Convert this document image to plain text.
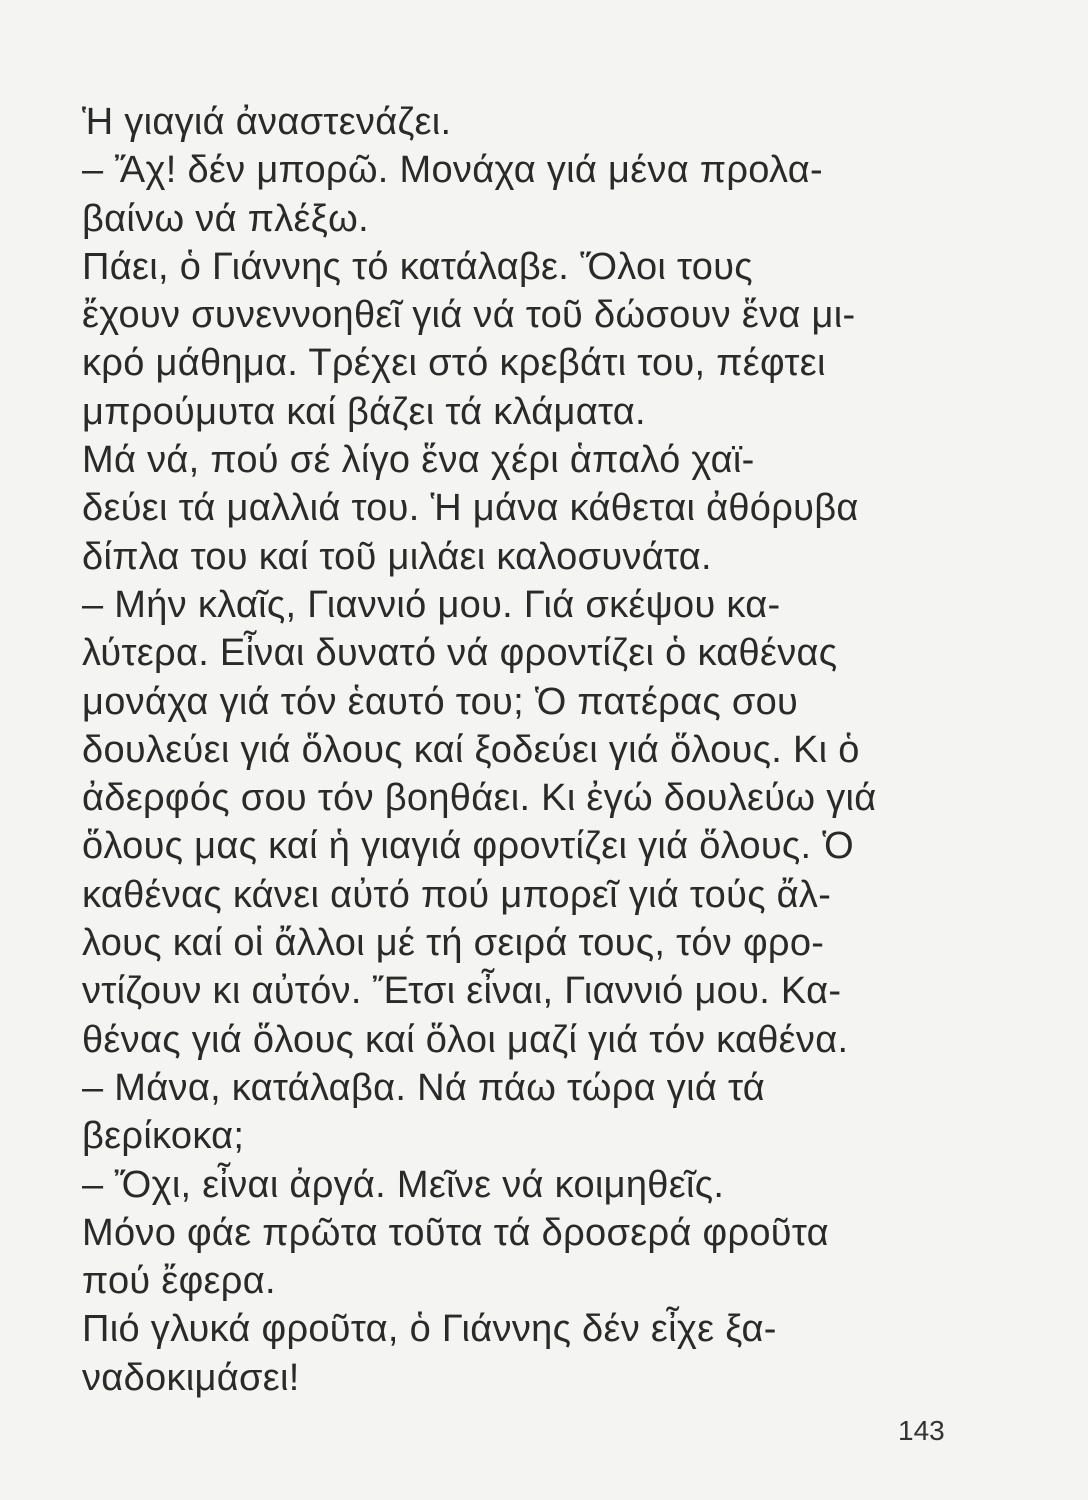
Ἡ γιαγιά ἀναστενάζει.
– Ἄχ! δέν μπορῶ. Μονάχα γιά μένα προλα-
βαίνω νά πλέξω.
Πάει, ὁ Γιάννης τό κατάλαβε. Ὅλοι τους
ἔχουν συνεννοηθεῖ γιά νά τοῦ δώσουν ἕνα μι-
κρό μάθημα. Τρέχει στό κρεβάτι του, πέφτει
μπρούμυτα καί βάζει τά κλάματα.
Μά νά, πού σέ λίγο ἕνα χέρι ἁπαλό χαϊ-
δεύει τά μαλλιά του. Ἡ μάνα κάθεται ἀθόρυβα
δίπλα του καί τοῦ μιλάει καλοσυνάτα.
– Μήν κλαῖς, Γιαννιό μου. Γιά σκέψου κα-
λύτερα. Εἶναι δυνατό νά φροντίζει ὁ καθένας
μονάχα γιά τόν ἑαυτό του; Ὁ πατέρας σου
δουλεύει γιά ὅλους καί ξοδεύει γιά ὅλους. Κι ὁ
ἀδερφός σου τόν βοηθάει. Κι ἐγώ δουλεύω γιά
ὅλους μας καί ἡ γιαγιά φροντίζει γιά ὅλους. Ὁ
καθένας κάνει αὐτό πού μπορεῖ γιά τούς ἄλ-
λους καί οἱ ἄλλοι μέ τή σειρά τους, τόν φρο-
ντίζουν κι αὐτόν. Ἔτσι εἶναι, Γιαννιό μου. Κα-
θένας γιά ὅλους καί ὅλοι μαζί γιά τόν καθένα.
– Μάνα, κατάλαβα. Νά πάω τώρα γιά τά
βερίκοκα;
– Ὄχι, εἶναι ἀργά. Μεῖνε νά κοιμηθεῖς.
Μόνο φάε πρῶτα τοῦτα τά δροσερά φροῦτα
πού ἔφερα.
Πιό γλυκά φροῦτα, ὁ Γιάννης δέν εἶχε ξα-
ναδοκιμάσει!
143
